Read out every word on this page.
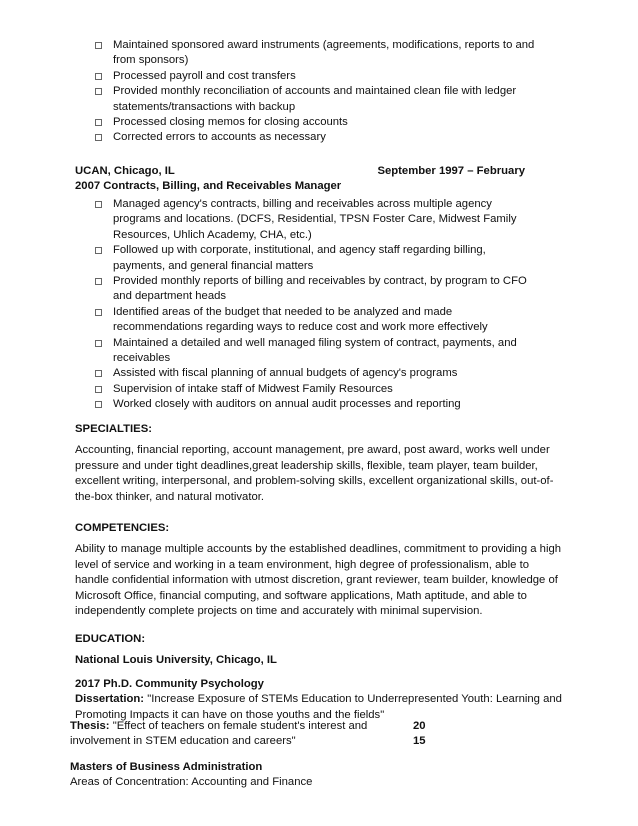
Maintained sponsored award instruments (agreements, modifications, reports to and from sponsors)
Processed payroll and cost transfers
Provided monthly reconciliation of accounts and maintained clean file with ledger statements/transactions with backup
Processed closing memos for closing accounts
Corrected errors to accounts as necessary
UCAN, Chicago, IL	September 1997 – February
2007 Contracts, Billing, and Receivables Manager
Managed agency's contracts, billing and receivables across multiple agency programs and locations. (DCFS, Residential, TPSN Foster Care, Midwest Family Resources, Uhlich Academy, CHA, etc.)
Followed up with corporate, institutional, and agency staff regarding billing, payments, and general financial matters
Provided monthly reports of billing and receivables by contract, by program to CFO and department heads
Identified areas of the budget that needed to be analyzed and made recommendations regarding ways to reduce cost and work more effectively
Maintained a detailed and well managed filing system of contract, payments, and receivables
Assisted with fiscal planning of annual budgets of agency's programs
Supervision of intake staff of Midwest Family Resources
Worked closely with auditors on annual audit processes and reporting
SPECIALTIES:
Accounting, financial reporting, account management, pre award, post award, works well under pressure and under tight deadlines,great leadership skills, flexible, team player, team builder, excellent writing, interpersonal, and problem-solving skills, excellent organizational skills, out-of-the-box thinker, and natural motivator.
COMPETENCIES:
Ability to manage multiple accounts by the established deadlines, commitment to providing a high level of service and working in a team environment, high degree of professionalism, able to handle confidential information with utmost discretion, grant reviewer, team builder, knowledge of Microsoft Office, financial computing, and software applications, Math aptitude, and able to independently complete projects on time and accurately with minimal supervision.
EDUCATION:
National Louis University, Chicago, IL
2017 Ph.D. Community Psychology
Dissertation: "Increase Exposure of STEMs Education to Underrepresented Youth: Learning and Promoting Impacts it can have on those youths and the fields"
Thesis: "Effect of teachers on female student's interest and involvement in STEM education and careers"
20
15
Masters of Business Administration
Areas of Concentration: Accounting and Finance
